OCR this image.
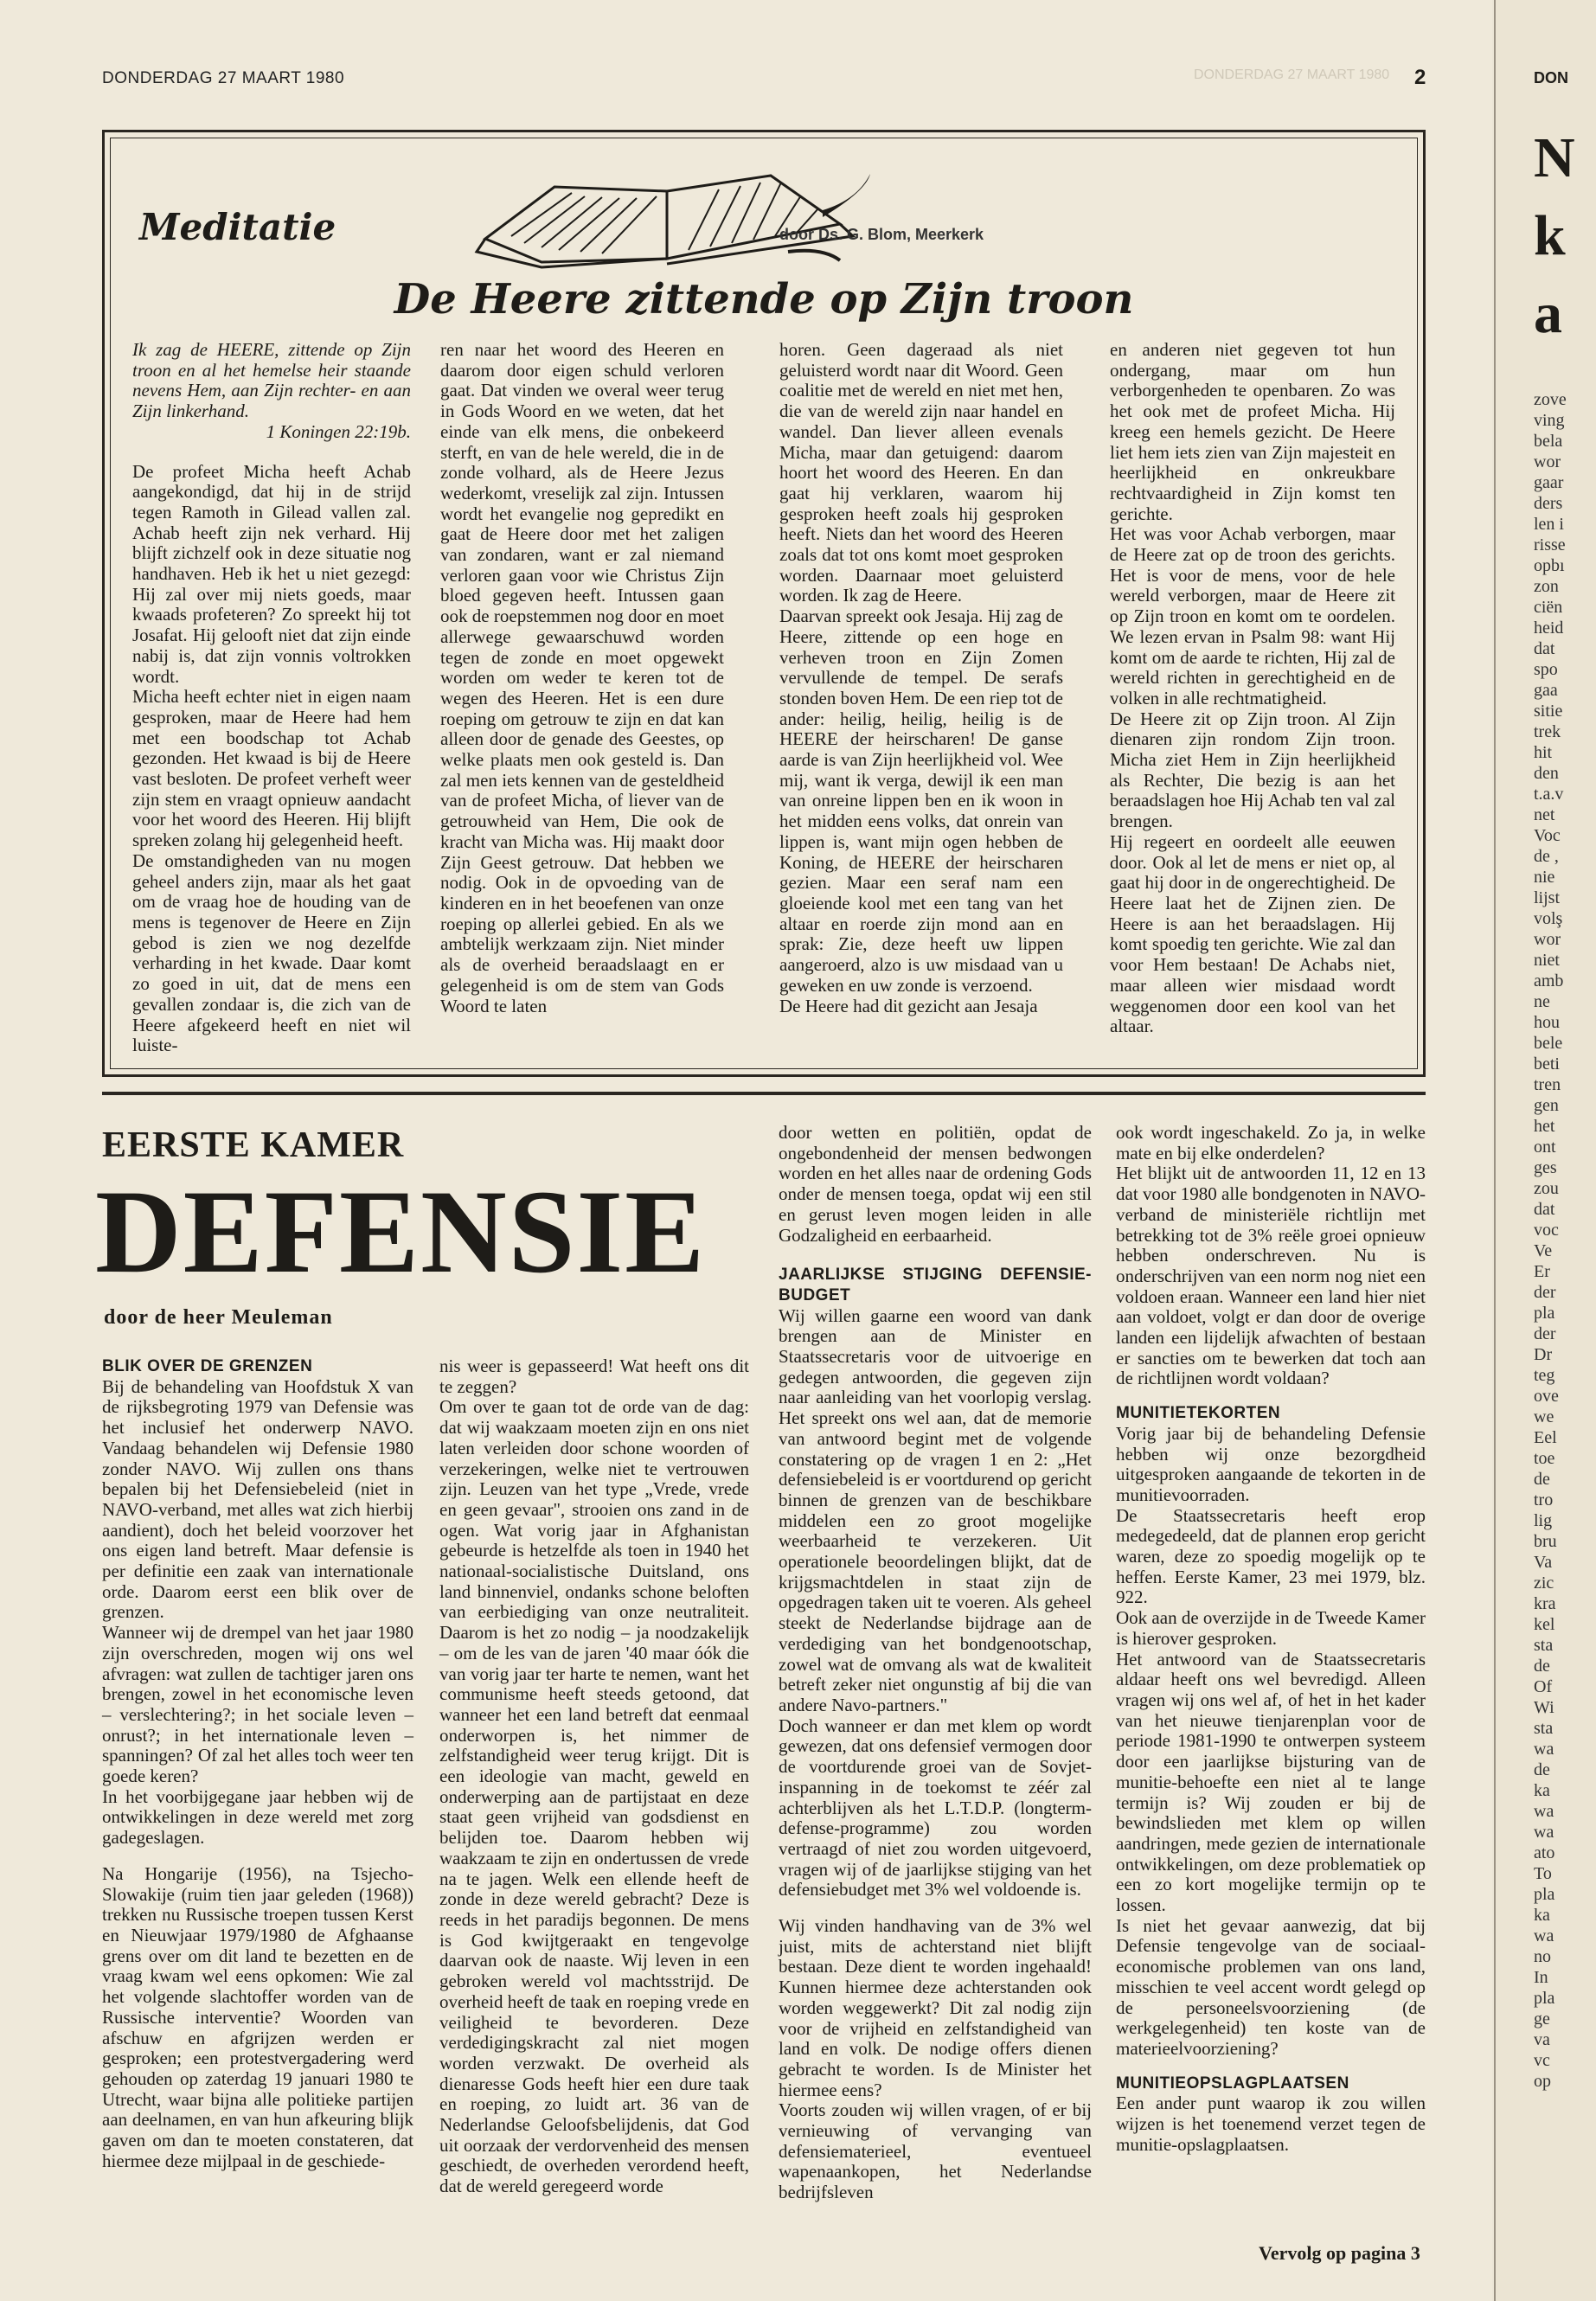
DONDERDAG 27 MAART 1980	DONDERDAG 27 MAART 1980 2
Meditatie	door Ds. G. Blom, Meerkerk
De Heere zittende op Zijn troon

Ik zag de HEERE, zittende op Zijn troon en al het hemelse heir staande nevens Hem, aan Zijn rechter- en aan Zijn linkerhand.

1 Koningen 22:19b.

De profeet Micha heeft Achab aangekondigd, dat hij in de strijd tegen Ramoth in Gilead vallen zal. Achab heeft zijn nek verhard. Hij blijft zichzelf ook in deze situatie nog handhaven. Heb ik het u niet gezegd: Hij zal over mij niets goeds, maar kwaads profeteren? Zo spreekt hij tot Josafat. Hij gelooft niet dat zijn einde nabij is, dat zijn vonnis voltrokken wordt.

Micha heeft echter niet in eigen naam gesproken, maar de Heere had hem met een boodschap tot Achab gezonden. Het kwaad is bij de Heere vast besloten. De profeet verheft weer zijn stem en vraagt opnieuw aandacht voor het woord des Heeren. Hij blijft spreken zolang hij gelegenheid heeft.

De omstandigheden van nu mogen geheel anders zijn, maar als het gaat om de vraag hoe de houding van de mens is tegenover de Heere en Zijn gebod is zien we nog dezelfde verharding in het kwade. Daar komt zo goed in uit, dat de mens een gevallen zondaar is, die zich van de Heere afgekeerd heeft en niet wil luiste-

ren naar het woord des Heeren en daarom door eigen schuld verloren gaat. Dat vinden we overal weer terug in Gods Woord en we weten, dat het einde van elk mens, die onbekeerd sterft, en van de hele wereld, die in de zonde volhard, als de Heere Jezus wederkomt, vreselijk zal zijn. Intussen wordt het evangelie nog gepredikt en gaat de Heere door met het zaligen van zondaren, want er zal niemand verloren gaan voor wie Christus Zijn bloed gegeven heeft. Intussen gaan ook de roepstemmen nog door en moet allerwege gewaarschuwd worden tegen de zonde en moet opgewekt worden om weder te keren tot de wegen des Heeren. Het is een dure roeping om getrouw te zijn en dat kan alleen door de genade des Geestes, op welke plaats men ook gesteld is. Dan zal men iets kennen van de gesteldheid van de profeet Micha, of liever van de getrouwheid van Hem, Die ook de kracht van Micha was. Hij maakt door Zijn Geest getrouw. Dat hebben we nodig. Ook in de opvoeding van de kinderen en in het beoefenen van onze roeping op allerlei gebied. En als we ambtelijk werkzaam zijn. Niet minder als de overheid beraadslaagt en er gelegenheid is om de stem van Gods Woord te laten

horen. Geen dageraad als niet geluisterd wordt naar dit Woord. Geen coalitie met de wereld en niet met hen, die van de wereld zijn naar handel en wandel. Dan liever alleen evenals Micha, maar dan getuigend: daarom hoort het woord des Heeren. En dan gaat hij verklaren, waarom hij gesproken heeft zoals hij gesproken heeft. Niets dan het woord des Heeren zoals dat tot ons komt moet gesproken worden. Daarnaar moet geluisterd worden. Ik zag de Heere.

Daarvan spreekt ook Jesaja. Hij zag de Heere, zittende op een hoge en verheven troon en Zijn Zomen vervullende de tempel. De serafs stonden boven Hem. De een riep tot de ander: heilig, heilig, heilig is de HEERE der heirscharen! De ganse aarde is van Zijn heerlijkheid vol. Wee mij, want ik verga, dewijl ik een man van onreine lippen ben en ik woon in het midden eens volks, dat onrein van lippen is, want mijn ogen hebben de Koning, de HEERE der heirscharen gezien. Maar een seraf nam een gloeiende kool met een tang van het altaar en roerde zijn mond aan en sprak: Zie, deze heeft uw lippen aangeroerd, alzo is uw misdaad van u geweken en uw zonde is verzoend.

De Heere had dit gezicht aan Jesaja

en anderen niet gegeven tot hun ondergang, maar om hun verborgenheden te openbaren. Zo was het ook met de profeet Micha. Hij kreeg een hemels gezicht. De Heere liet hem iets zien van Zijn majesteit en heerlijkheid en onkreukbare rechtvaardigheid in Zijn komst ten gerichte.

Het was voor Achab verborgen, maar de Heere zat op de troon des gerichts. Het is voor de mens, voor de hele wereld verborgen, maar de Heere zit op Zijn troon en komt om te oordelen. We lezen ervan in Psalm 98: want Hij komt om de aarde te richten, Hij zal de wereld richten in gerechtigheid en de volken in alle rechtmatigheid.

De Heere zit op Zijn troon. Al Zijn dienaren zijn rondom Zijn troon. Micha ziet Hem in Zijn heerlijkheid als Rechter, Die bezig is aan het beraadslagen hoe Hij Achab ten val zal brengen.

Hij regeert en oordeelt alle eeuwen door. Ook al let de mens er niet op, al gaat hij door in de ongerechtigheid. De Heere laat het de Zijnen zien. De Heere is aan het beraadslagen. Hij komt spoedig ten gerichte. Wie zal dan voor Hem bestaan! De Achabs niet, maar alleen wier misdaad wordt weggenomen door een kool van het altaar.

EERSTE KAMER
DEFENSIE
door de heer Meuleman

BLIK OVER DE GRENZEN

Bij de behandeling van Hoofdstuk X van de rijksbegroting 1979 van Defensie was het inclusief het onderwerp NAVO. Vandaag behandelen wij Defensie 1980 zonder NAVO. Wij zullen ons thans bepalen bij het Defensiebeleid (niet in NAVO-verband, met alles wat zich hierbij aandient), doch het beleid voorzover het ons eigen land betreft. Maar defensie is per definitie een zaak van internationale orde. Daarom eerst een blik over de grenzen.

Wanneer wij de drempel van het jaar 1980 zijn overschreden, mogen wij ons wel afvragen: wat zullen de tachtiger jaren ons brengen, zowel in het economische leven – verslechtering?; in het sociale leven – onrust?; in het internationale leven – spanningen? Of zal het alles toch weer ten goede keren?

In het voorbijgegane jaar hebben wij de ontwikkelingen in deze wereld met zorg gadegeslagen.

Na Hongarije (1956), na Tsjecho-Slowakije (ruim tien jaar geleden (1968)) trekken nu Russische troepen tussen Kerst en Nieuwjaar 1979/1980 de Afghaanse grens over om dit land te bezetten en de vraag kwam wel eens opkomen: Wie zal het volgende slachtoffer worden van de Russische interventie? Woorden van afschuw en afgrijzen werden er gesproken; een protestvergadering werd gehouden op zaterdag 19 januari 1980 te Utrecht, waar bijna alle politieke partijen aan deelnamen, en van hun afkeuring blijk gaven om dan te moeten constateren, dat hiermee deze mijlpaal in de geschiede-

nis weer is gepasseerd! Wat heeft ons dit te zeggen?

Om over te gaan tot de orde van de dag: dat wij waakzaam moeten zijn en ons niet laten verleiden door schone woorden of verzekeringen, welke niet te vertrouwen zijn. Leuzen van het type „Vrede, vrede en geen gevaar", strooien ons zand in de ogen. Wat vorig jaar in Afghanistan gebeurde is hetzelfde als toen in 1940 het nationaal-socialistische Duitsland, ons land binnenviel, ondanks schone beloften van eerbiediging van onze neutraliteit. Daarom is het zo nodig – ja noodzakelijk – om de les van de jaren '40 maar óók die van vorig jaar ter harte te nemen, want het communisme heeft steeds getoond, dat wanneer het een land betreft dat eenmaal onderworpen is, het nimmer de zelfstandigheid weer terug krijgt. Dit is een ideologie van macht, geweld en onderwerping aan de partijstaat en deze staat geen vrijheid van godsdienst en belijden toe. Daarom hebben wij waakzaam te zijn en ondertussen de vrede na te jagen. Welk een ellende heeft de zonde in deze wereld gebracht? Deze is reeds in het paradijs begonnen. De mens is God kwijtgeraakt en tengevolge daarvan ook de naaste. Wij leven in een gebroken wereld vol machtsstrijd. De overheid heeft de taak en roeping vrede en veiligheid te bevorderen. Deze verdedigingskracht zal niet mogen worden verzwakt. De overheid als dienaresse Gods heeft hier een dure taak en roeping, zo luidt art. 36 van de Nederlandse Geloofsbelijdenis, dat God uit oorzaak der verdorvenheid des mensen geschiedt, de overheden verordend heeft, dat de wereld geregeerd worde

door wetten en politiën, opdat de ongebondenheid der mensen bedwongen worden en het alles naar de ordening Gods onder de mensen toega, opdat wij een stil en gerust leven mogen leiden in alle Godzaligheid en eerbaarheid.

JAARLIJKSE STIJGING DEFENSIE-BUDGET

Wij willen gaarne een woord van dank brengen aan de Minister en Staatssecretaris voor de uitvoerige en gedegen antwoorden, die gegeven zijn naar aanleiding van het voorlopig verslag. Het spreekt ons wel aan, dat de memorie van antwoord begint met de volgende constatering op de vragen 1 en 2: „Het defensiebeleid is er voortdurend op gericht binnen de grenzen van de beschikbare middelen een zo groot mogelijke weerbaarheid te verzekeren. Uit operationele beoordelingen blijkt, dat de krijgsmachtdelen in staat zijn de opgedragen taken uit te voeren. Als geheel steekt de Nederlandse bijdrage aan de verdediging van het bondgenootschap, zowel wat de omvang als wat de kwaliteit betreft zeker niet ongunstig af bij die van andere Navo-partners."

Doch wanneer er dan met klem op wordt gewezen, dat ons defensief vermogen door de voortdurende groei van de Sovjet-inspanning in de toekomst te zéér zal achterblijven als het L.T.D.P. (longterm-defense-programme) zou worden vertraagd of niet zou worden uitgevoerd, vragen wij of de jaarlijkse stijging van het defensiebudget met 3% wel voldoende is.

Wij vinden handhaving van de 3% wel juist, mits de achterstand niet blijft bestaan. Deze dient te worden ingehaald! Kunnen hiermee deze achterstanden ook worden weggewerkt? Dit zal nodig zijn voor de vrijheid en zelfstandigheid van land en volk. De nodige offers dienen gebracht te worden. Is de Minister het hiermee eens?

Voorts zouden wij willen vragen, of er bij vernieuwing of vervanging van defensiematerieel, eventueel wapenaankopen, het Nederlandse bedrijfsleven

ook wordt ingeschakeld. Zo ja, in welke mate en bij elke onderdelen?

Het blijkt uit de antwoorden 11, 12 en 13 dat voor 1980 alle bondgenoten in NAVO-verband de ministeriële richtlijn met betrekking tot de 3% reële groei opnieuw hebben onderschreven. Nu is onderschrijven van een norm nog niet een voldoen eraan. Wanneer een land hier niet aan voldoet, volgt er dan door de overige landen een lijdelijk afwachten of bestaan er sancties om te bewerken dat toch aan de richtlijnen wordt voldaan?

MUNITIETEKORTEN

Vorig jaar bij de behandeling Defensie hebben wij onze bezorgdheid uitgesproken aangaande de tekorten in de munitievoorraden.

De Staatssecretaris heeft erop medegedeeld, dat de plannen erop gericht waren, deze zo spoedig mogelijk op te heffen. Eerste Kamer, 23 mei 1979, blz. 922.

Ook aan de overzijde in de Tweede Kamer is hierover gesproken.

Het antwoord van de Staatssecretaris aldaar heeft ons wel bevredigd. Alleen vragen wij ons wel af, of het in het kader van het nieuwe tienjarenplan voor de periode 1981-1990 te ontwerpen systeem door een jaarlijkse bijsturing van de munitie-behoefte een niet al te lange termijn is? Wij zouden er bij de bewindslieden met klem op willen aandringen, mede gezien de internationale ontwikkelingen, om deze problematiek op een zo kort mogelijke termijn op te lossen.

Is niet het gevaar aanwezig, dat bij Defensie tengevolge van de sociaal-economische problemen van ons land, misschien te veel accent wordt gelegd op de personeelsvoorziening (de werkgelegenheid) ten koste van de materieelvoorziening?

MUNITIEOPSLAGPLAATSEN

Een ander punt waarop ik zou willen wijzen is het toenemend verzet tegen de munitie-opslagplaatsen.

Vervolg op pagina 3
DON
N
k
a
zove
ving
bela
wor
gaar
ders
len i
risse
opbı
zon
ciën
heid
dat
spo
gaa
sitie
trek
hit
den
t.a.v
net
Voc
de ,
nie
lijst
volş
wor
niet
amb
ne
hou
bele
beti
tren
gen
het
ont
ges
zou
dat
voc
Ve
Er
der
pla
der
Dr
teg
ove
we
Eel
toe
de
tro
lig
bru
Va
zic
kra
kel
sta
de
Of
Wi
sta
wa
de
ka
wa
wa
ato
To
pla
ka
wa
no
In
pla
ge
va
vc
op
